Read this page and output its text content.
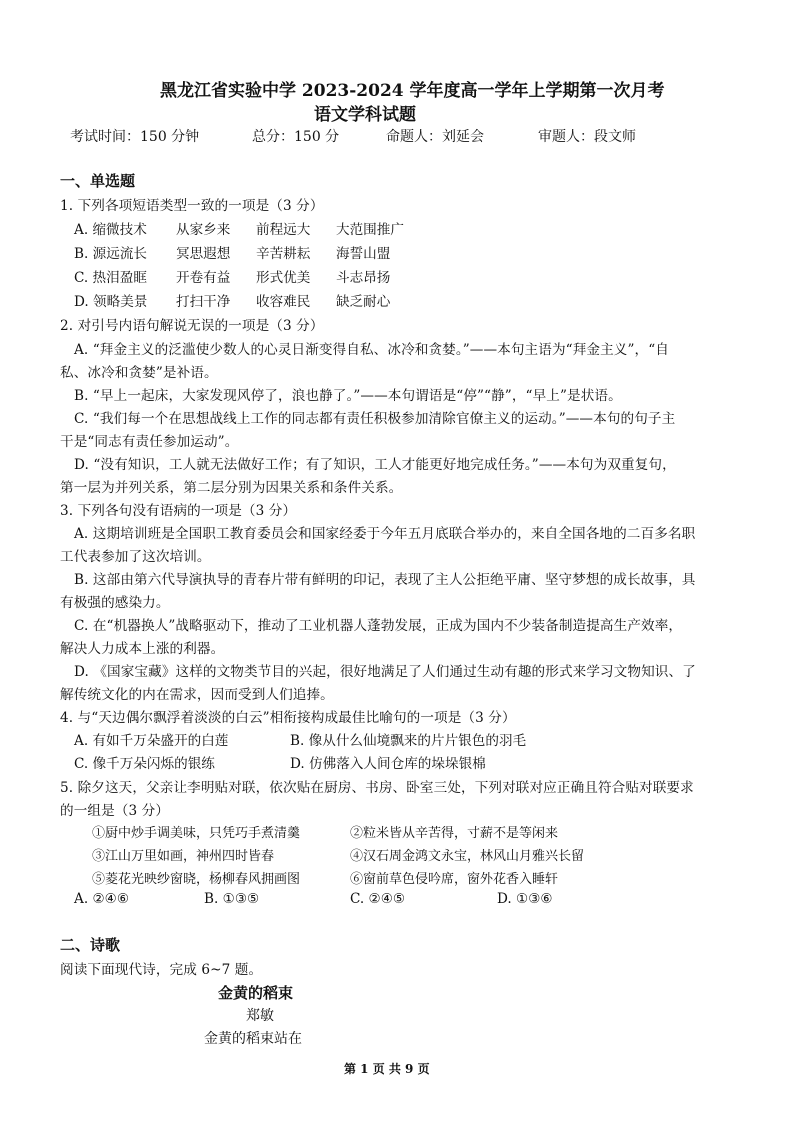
黑龙江省实验中学 2023-2024 学年度高一学年上学期第一次月考
语文学科试题
考试时间：150 分钟	总分：150 分	命题人：刘延会	审题人：段文师
一、单选题
1. 下列各项短语类型一致的一项是（3 分）
A. 缩微技术 从家乡来 前程远大 大范围推广
B. 源远流长 冥思遐想 辛苦耕耘 海誓山盟
C. 热泪盈眶 开卷有益 形式优美 斗志昂扬
D. 领略美景 打扫干净 收容难民 缺乏耐心
2. 对引号内语句解说无误的一项是（3 分）
A. “拜金主义的泛滥使少数人的心灵日渐变得自私、冰冷和贪婪。”——本句主语为“拜金主义”，“自
私、冰冷和贪婪”是补语。
B. “早上一起床，大家发现风停了，浪也静了。”——本句谓语是“停”“静”，“早上”是状语。
C. “我们每一个在思想战线上工作的同志都有责任积极参加清除官僚主义的运动。”——本句的句子主
干是“同志有责任参加运动”。
D. “没有知识，工人就无法做好工作；有了知识，工人才能更好地完成任务。”——本句为双重复句，
第一层为并列关系，第二层分别为因果关系和条件关系。
3. 下列各句没有语病的一项是（3 分）
A. 这期培训班是全国职工教育委员会和国家经委于今年五月底联合举办的，来自全国各地的二百多名职
工代表参加了这次培训。
B. 这部由第六代导演执导的青春片带有鲜明的印记，表现了主人公拒绝平庸、坚守梦想的成长故事，具
有极强的感染力。
C. 在“机器换人”战略驱动下，推动了工业机器人蓬勃发展，正成为国内不少装备制造提高生产效率，
解决人力成本上涨的利器。
D. 《国家宝藏》这样的文物类节目的兴起，很好地满足了人们通过生动有趣的形式来学习文物知识、了
解传统文化的内在需求，因而受到人们追捧。
4. 与“天边偶尔飘浮着淡淡的白云”相衔接构成最佳比喻句的一项是（3 分）
A. 有如千万朵盛开的白莲	B. 像从什么仙境飘来的片片银色的羽毛
C. 像千万朵闪烁的银练	D. 仿佛落入人间仓库的垛垛银棉
5. 除夕这天，父亲让李明贴对联，依次贴在厨房、书房、卧室三处，下列对联对应正确且符合贴对联要求
的一组是（3 分）
①厨中炒手调美味，只凭巧手煮清羹	②粒米皆从辛苦得，寸薪不是等闲来
③江山万里如画，神州四时皆春	④汉石周金鸿文永宝，林风山月雅兴长留
⑤菱花光映纱窗晓，杨柳春风拥画图	⑥窗前草色侵吟席，窗外花香入睡轩
A. ②④⑥	B. ①③⑤	C. ②④⑤	D. ①③⑥
二、诗歌
阅读下面现代诗，完成 6~7 题。
金黄的稻束
郑敏
金黄的稻束站在
第 1 页 共 9 页
